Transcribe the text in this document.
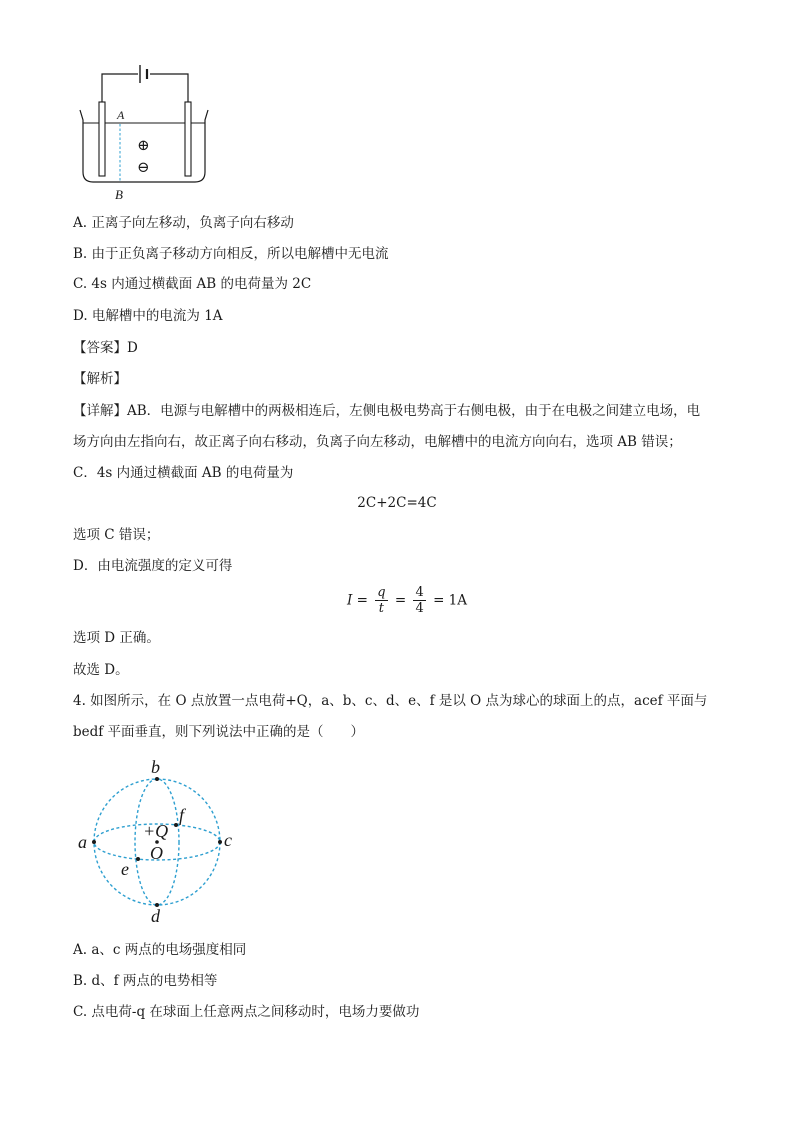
A
B
⊕
⊖
A. 正离子向左移动，负离子向右移动
B. 由于正负离子移动方向相反，所以电解槽中无电流
C. 4s 内通过横截面 AB 的电荷量为 2C
D. 电解槽中的电流为 1A
【答案】D
【解析】
【详解】AB．电源与电解槽中的两极相连后，左侧电极电势高于右侧电极，由于在电极之间建立电场，电
场方向由左指向右，故正离子向右移动，负离子向左移动，电解槽中的电流方向向右，选项 AB 错误；
C．4s 内通过横截面 AB 的电荷量为
2C+2C=4C
选项 C 错误；
D．由电流强度的定义可得
$I = \frac{q}{t} = \frac{4}{4} = 1A$
选项 D 正确。
故选 D。
4. 如图所示，在 O 点放置一点电荷+Q，a、b、c、d、e、f 是以 O 点为球心的球面上的点，acef 平面与
bedf 平面垂直，则下列说法中正确的是（　　）
a	c
b
d
e
f
+Q
O
A. a、c 两点的电场强度相同
B. d、f 两点的电势相等
C. 点电荷-q 在球面上任意两点之间移动时，电场力要做功
